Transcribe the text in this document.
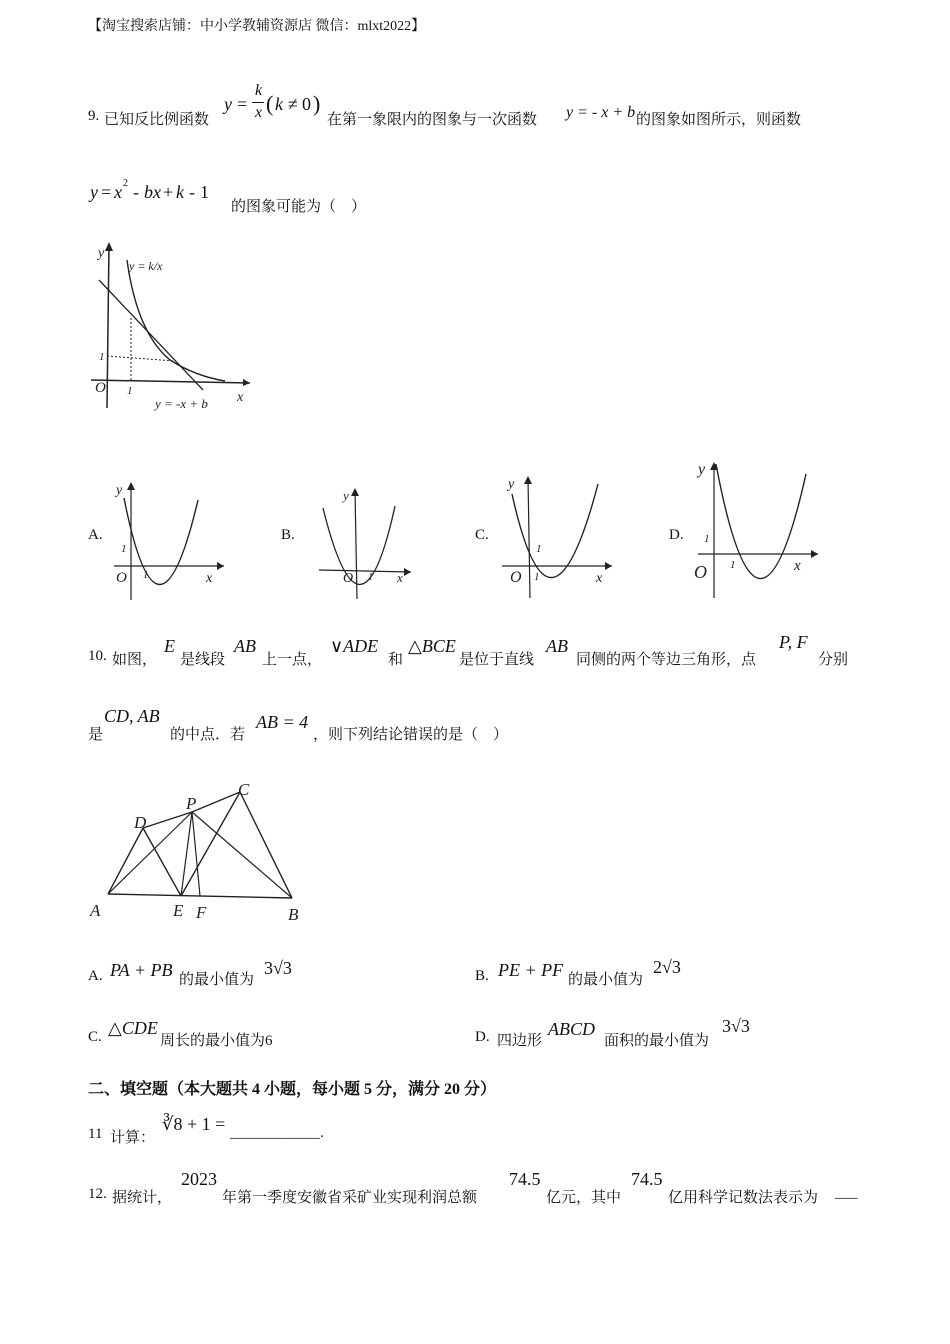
【淘宝搜索店铺：中小学教辅资源店 微信：mlxt2022】
9. 已知反比例函数
y =
k
x ( k ≠ 0 )
在第一象限内的图象与一次函数 y = - x + b 的图象如图所示，则函数
y = x 2 - bx + k - 1
的图象可能为（　）
y
x
O 1
1
y = k/x
y = -x + b
A.
y
x
O 1
1
B.
y
x
O 1
C.
y
x
O 1
1
D.
y
x
O 1
1
10. 如图，
E
是线段
AB
上一点，
∨ADE
和
△BCE
是位于直线
AB
同侧的两个等边三角形，点
P, F
分别
是
CD, AB
的中点．若
AB = 4
，则下列结论错误的是（　）
A	B
C
D
E F
P
A. PA + PB 的最小值为
3√3	B. PE + PF 的最小值为
2√3
C. △CDE
周长的最小值为6	D. 四边形
ABCD
面积的最小值为
3√3
二、填空题（本大题共 4 小题，每小题 5 分，满分 20 分）
11 计算：
∛8 + 1 = ____________.
12. 据统计，
2023
年第一季度安徽省采矿业实现利润总额
74.5
亿元，其中
74.5
亿用科学记数法表示为 ___
